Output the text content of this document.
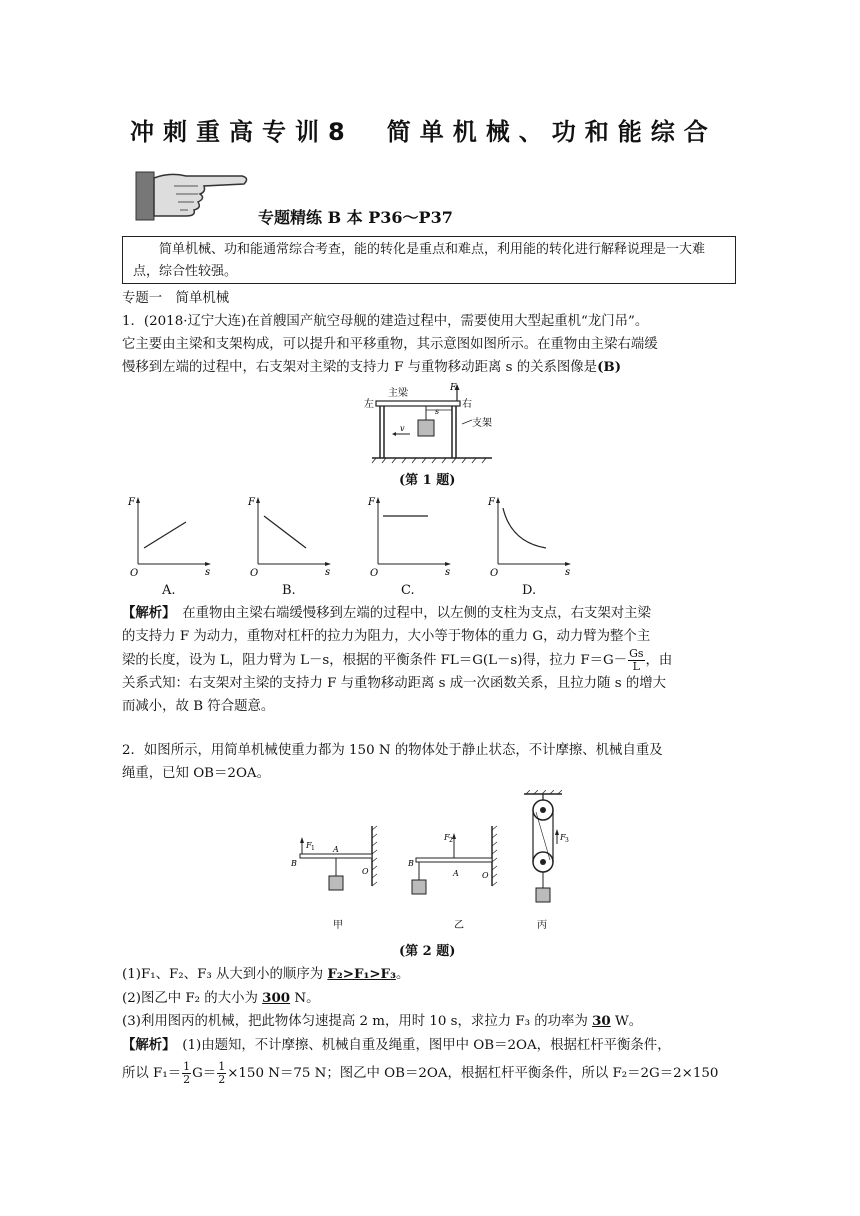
冲刺重高专训8　简单机械、功和能综合
专题精练 B 本 P36～P37
简单机械、功和能通常综合考查，能的转化是重点和难点，利用能的转化进行解释说理是一大难点，综合性较强。
专题一　简单机械
1．(2018·辽宁大连)在首艘国产航空母舰的建造过程中，需要使用大型起重机“龙门吊”。
它主要由主梁和支架构成，可以提升和平移重物，其示意图如图所示。在重物由主梁右端缓
慢移到左端的过程中，右支架对主梁的支持力 F 与重物移动距离 s 的关系图像是(B)
主梁
左	右
支架
F
s
v
(第 1 题)
F
O	s
F
O	s
F
O	s
F
O	s
A.	B.	C.	D.
【解析】　 在重物由主梁右端缓慢移到左端的过程中，以左侧的支柱为支点，右支架对主梁
的支持力 F 为动力，重物对杠杆的拉力为阻力，大小等于物体的重力 G，动力臂为整个主
梁的长度，设为 L，阻力臂为 L－s，根据的平衡条件 FL＝G(L－s)得，拉力 $F=G- \frac{Gs}{L}$ ，由
关系式知：右支架对主梁的支持力 F 与重物移动距离 s 成一次函数关系，且拉力随 s 的增大
而减小，故 B 符合题意。
2．如图所示，用简单机械使重力都为 150 N 的物体处于静止状态，不计摩擦、机械自重及
绳重，已知 OB＝2OA。
F 1
B
A
O
甲
F 2
B
A	O
乙
F 3
丙
(第 2 题)
(1)F₁、F₂、F₃ 从大到小的顺序为 F₂>F₁>F₃。
(2)图乙中 F₂ 的大小为 300 N。
(3)利用图丙的机械，把此物体匀速提高 2 m，用时 10 s，求拉力 F₃ 的功率为 30 W。
【解析】　 (1)由题知，不计摩擦、机械自重及绳重，图甲中 OB＝2OA，根据杠杆平衡条件，
所以 $F_1= \frac{1}{2} G= \frac{1}{2} \times 150$ N＝75 N；图乙中 OB＝2OA，根据杠杆平衡条件，所以 F₂＝2G＝2×150
